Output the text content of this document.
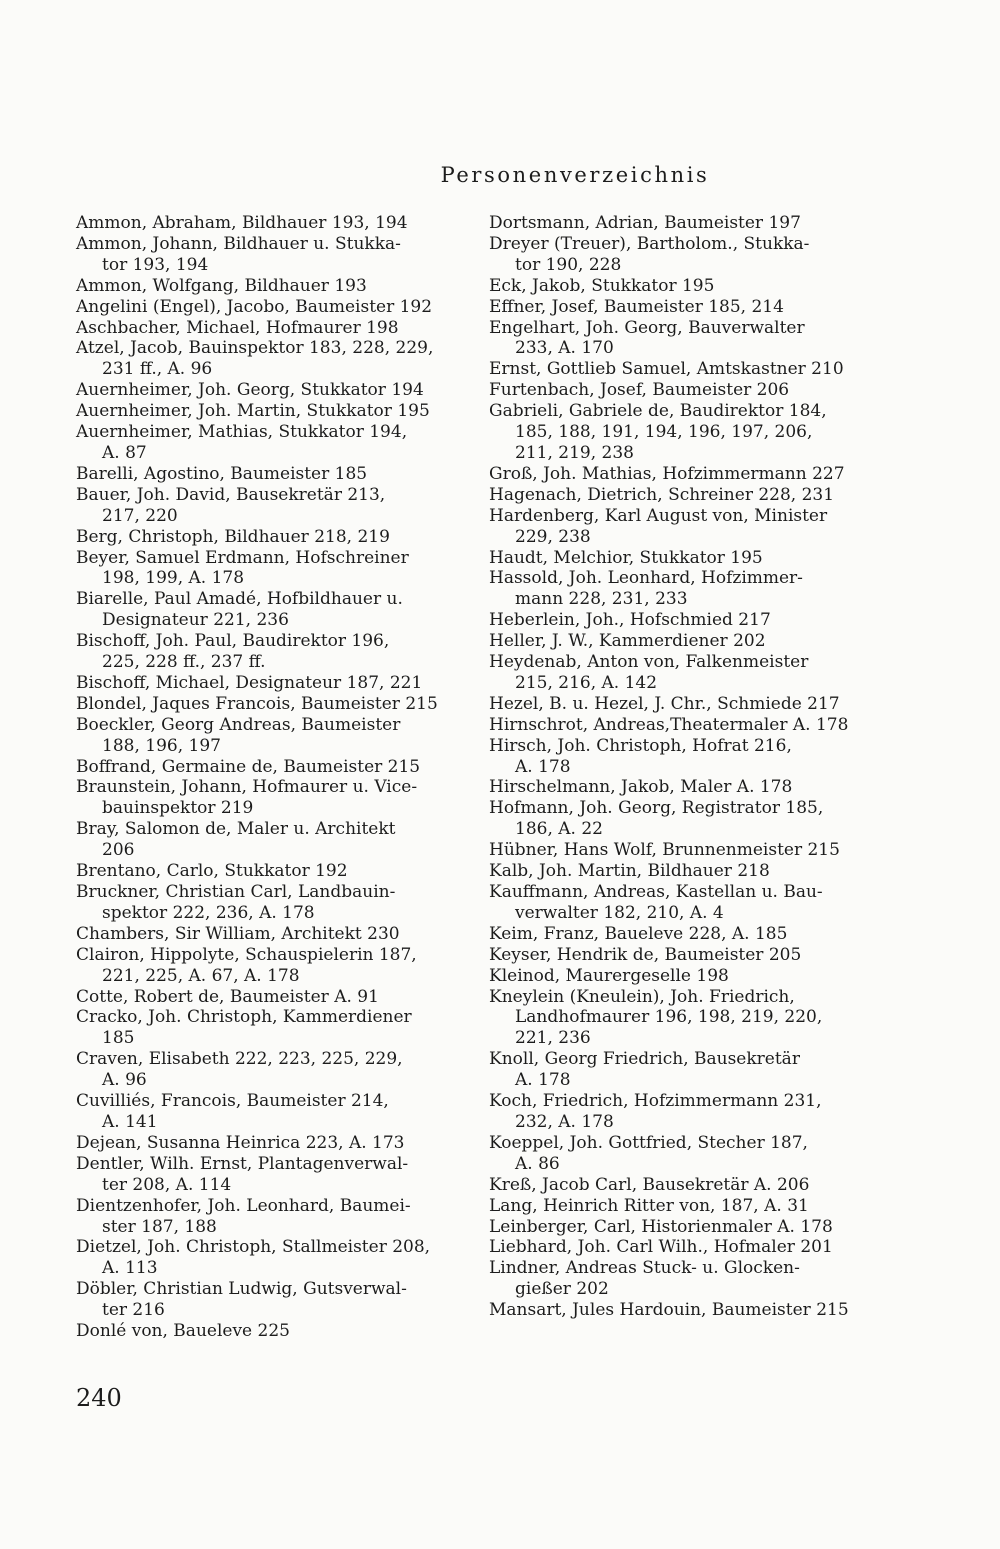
Personenverzeichnis
Ammon, Abraham, Bildhauer 193, 194
Ammon, Johann, Bildhauer u. Stukka-
tor 193, 194
Ammon, Wolfgang, Bildhauer 193
Angelini (Engel), Jacobo, Baumeister 192
Aschbacher, Michael, Hofmaurer 198
Atzel, Jacob, Bauinspektor 183, 228, 229,
231 ff., A. 96
Auernheimer, Joh. Georg, Stukkator 194
Auernheimer, Joh. Martin, Stukkator 195
Auernheimer, Mathias, Stukkator 194,
A. 87
Barelli, Agostino, Baumeister 185
Bauer, Joh. David, Bausekretär 213,
217, 220
Berg, Christoph, Bildhauer 218, 219
Beyer, Samuel Erdmann, Hofschreiner
198, 199, A. 178
Biarelle, Paul Amadé, Hofbildhauer u.
Designateur 221, 236
Bischoff, Joh. Paul, Baudirektor 196,
225, 228 ff., 237 ff.
Bischoff, Michael, Designateur 187, 221
Blondel, Jaques Francois, Baumeister 215
Boeckler, Georg Andreas, Baumeister
188, 196, 197
Boffrand, Germaine de, Baumeister 215
Braunstein, Johann, Hofmaurer u. Vice-
bauinspektor 219
Bray, Salomon de, Maler u. Architekt
206
Brentano, Carlo, Stukkator 192
Bruckner, Christian Carl, Landbauin-
spektor 222, 236, A. 178
Chambers, Sir William, Architekt 230
Clairon, Hippolyte, Schauspielerin 187,
221, 225, A. 67, A. 178
Cotte, Robert de, Baumeister A. 91
Cracko, Joh. Christoph, Kammerdiener
185
Craven, Elisabeth 222, 223, 225, 229,
A. 96
Cuvilliés, Francois, Baumeister 214,
A. 141
Dejean, Susanna Heinrica 223, A. 173
Dentler, Wilh. Ernst, Plantagenverwal-
ter 208, A. 114
Dientzenhofer, Joh. Leonhard, Baumei-
ster 187, 188
Dietzel, Joh. Christoph, Stallmeister 208,
A. 113
Döbler, Christian Ludwig, Gutsverwal-
ter 216
Donlé von, Baueleve 225
Dortsmann, Adrian, Baumeister 197
Dreyer (Treuer), Bartholom., Stukka-
tor 190, 228
Eck, Jakob, Stukkator 195
Effner, Josef, Baumeister 185, 214
Engelhart, Joh. Georg, Bauverwalter
233, A. 170
Ernst, Gottlieb Samuel, Amtskastner 210
Furtenbach, Josef, Baumeister 206
Gabrieli, Gabriele de, Baudirektor 184,
185, 188, 191, 194, 196, 197, 206,
211, 219, 238
Groß, Joh. Mathias, Hofzimmermann 227
Hagenach, Dietrich, Schreiner 228, 231
Hardenberg, Karl August von, Minister
229, 238
Haudt, Melchior, Stukkator 195
Hassold, Joh. Leonhard, Hofzimmer-
mann 228, 231, 233
Heberlein, Joh., Hofschmied 217
Heller, J. W., Kammerdiener 202
Heydenab, Anton von, Falkenmeister
215, 216, A. 142
Hezel, B. u. Hezel, J. Chr., Schmiede 217
Hirnschrot, Andreas,Theatermaler A. 178
Hirsch, Joh. Christoph, Hofrat 216,
A. 178
Hirschelmann, Jakob, Maler A. 178
Hofmann, Joh. Georg, Registrator 185,
186, A. 22
Hübner, Hans Wolf, Brunnenmeister 215
Kalb, Joh. Martin, Bildhauer 218
Kauffmann, Andreas, Kastellan u. Bau-
verwalter 182, 210, A. 4
Keim, Franz, Baueleve 228, A. 185
Keyser, Hendrik de, Baumeister 205
Kleinod, Maurergeselle 198
Kneylein (Kneulein), Joh. Friedrich,
Landhofmaurer 196, 198, 219, 220,
221, 236
Knoll, Georg Friedrich, Bausekretär
A. 178
Koch, Friedrich, Hofzimmermann 231,
232, A. 178
Koeppel, Joh. Gottfried, Stecher 187,
A. 86
Kreß, Jacob Carl, Bausekretär A. 206
Lang, Heinrich Ritter von, 187, A. 31
Leinberger, Carl, Historienmaler A. 178
Liebhard, Joh. Carl Wilh., Hofmaler 201
Lindner, Andreas Stuck- u. Glocken-
gießer 202
Mansart, Jules Hardouin, Baumeister 215
240
